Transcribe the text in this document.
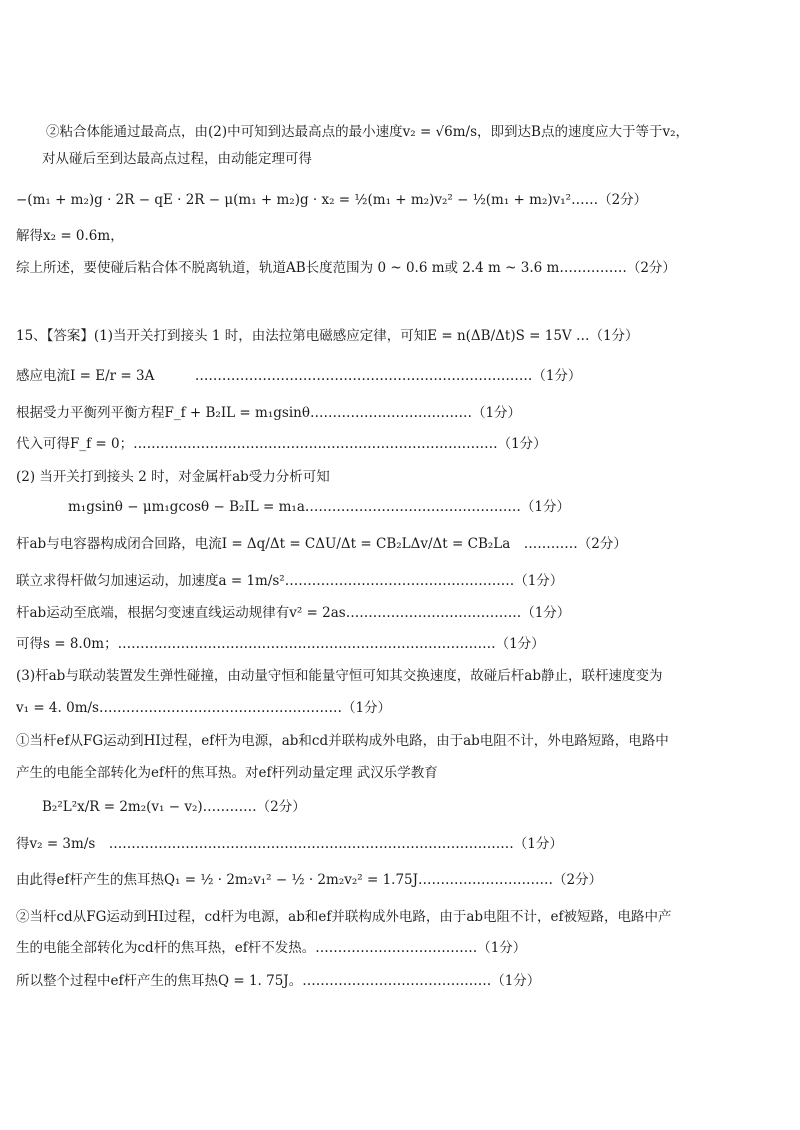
②粘合体能通过最高点，由(2)中可知到达最高点的最小速度v₂ = √6m/s，即到达B点的速度应大于等于v₂，
对从碰后至到达最高点过程，由动能定理可得
−(m₁ + m₂)g · 2R − qE · 2R − μ(m₁ + m₂)g · x₂ = ½(m₁ + m₂)v₂² − ½(m₁ + m₂)v₁²……（2分）
解得x₂ = 0.6m，
综上所述，要使碰后粘合体不脱离轨道，轨道AB长度范围为 0 ~ 0.6 m或 2.4 m ~ 3.6 m……………（2分）
15、【答案】(1)当开关打到接头 1 时，由法拉第电磁感应定律，可知E = n(ΔB/Δt)S = 15V …（1分）
感应电流I = E/r = 3A　　　…………………………………………………………………（1分）
根据受力平衡列平衡方程F_f + B₂IL = m₁gsinθ………………………………（1分）
代入可得F_f = 0；………………………………………………………………………（1分）
(2) 当开关打到接头 2 时，对金属杆ab受力分析可知
m₁gsinθ − μm₁gcosθ − B₂IL = m₁a…………………………………………（1分）
杆ab与电容器构成闭合回路，电流I = Δq/Δt = CΔU/Δt = CB₂LΔv/Δt = CB₂La　…………（2分）
联立求得杆做匀加速运动，加速度a = 1m/s²……………………………………………（1分）
杆ab运动至底端，根据匀变速直线运动规律有v² = 2as…………………………………（1分）
可得s = 8.0m；…………………………………………………………………………（1分）
(3)杆ab与联动装置发生弹性碰撞，由动量守恒和能量守恒可知其交换速度，故碰后杆ab静止，联杆速度变为
v₁ = 4. 0m/s………………………………………………（1分）
①当杆ef从FG运动到HI过程，ef杆为电源，ab和cd并联构成外电路，由于ab电阻不计，外电路短路，电路中
产生的电能全部转化为ef杆的焦耳热。对ef杆列动量定理 武汉乐学教育
B₂²L²x/R = 2m₂(v₁ − v₂)…………（2分）
得v₂ = 3m/s　………………………………………………………………………………（1分）
由此得ef杆产生的焦耳热Q₁ = ½ · 2m₂v₁² − ½ · 2m₂v₂² = 1.75J…………………………（2分）
②当杆cd从FG运动到HI过程，cd杆为电源，ab和ef并联构成外电路，由于ab电阻不计，ef被短路，电路中产
生的电能全部转化为cd杆的焦耳热，ef杆不发热。………………………………（1分）
所以整个过程中ef杆产生的焦耳热Q = 1. 75J。……………………………………（1分）
